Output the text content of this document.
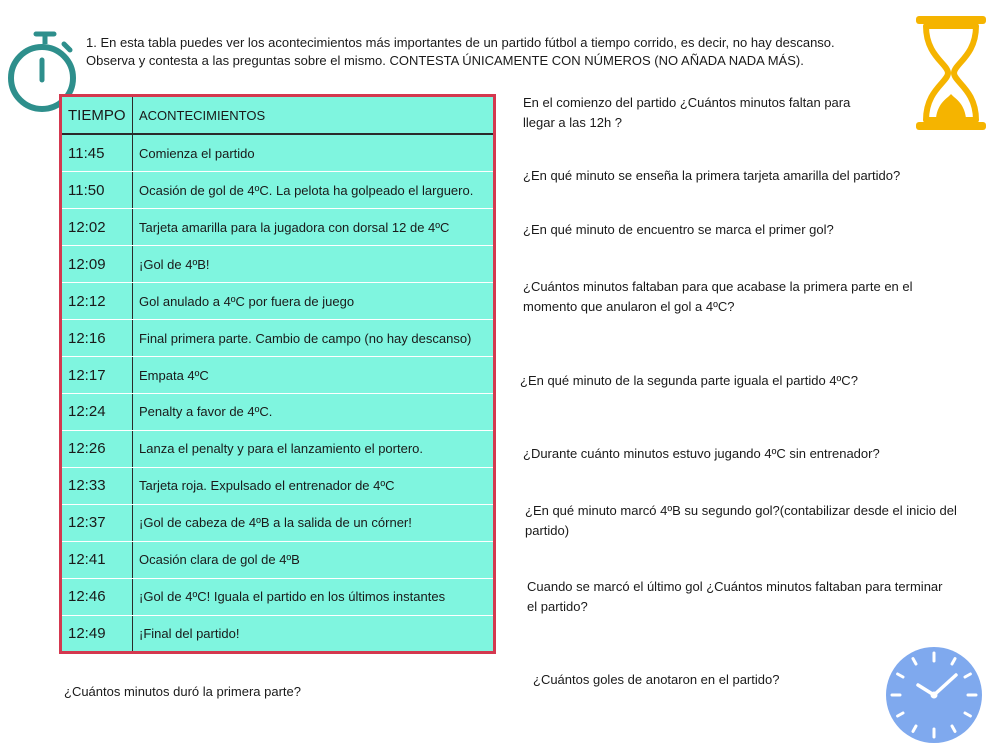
1. En esta tabla puedes ver los acontecimientos más importantes de un partido fútbol a tiempo corrido, es decir, no hay descanso. Observa y contesta a las preguntas sobre el mismo. CONTESTA ÚNICAMENTE CON NÚMEROS (NO AÑADA NADA MÁS).
TIEMPO	ACONTECIMIENTOS
11:45	Comienza el partido
11:50	Ocasión de gol de 4ºC. La pelota ha golpeado el larguero.
12:02	Tarjeta amarilla para la jugadora con dorsal 12 de 4ºC
12:09	¡Gol de 4ºB!
12:12	Gol anulado a 4ºC por fuera de juego
12:16	Final primera parte. Cambio de campo (no hay descanso)
12:17	Empata 4ºC
12:24	Penalty a favor de 4ºC.
12:26	Lanza el penalty y para el lanzamiento el portero.
12:33	Tarjeta roja. Expulsado el entrenador de 4ºC
12:37	¡Gol de cabeza de 4ºB a la salida de un córner!
12:41	Ocasión clara de gol de 4ºB
12:46	¡Gol de 4ºC! Iguala el partido en los últimos instantes
12:49	¡Final del partido!
En el comienzo del partido ¿Cuántos minutos faltan para llegar a las 12h ?
¿En qué minuto se enseña la primera tarjeta amarilla del partido?
¿En qué minuto de encuentro se marca el primer gol?
¿Cuántos minutos faltaban para que acabase la primera parte en el momento que anularon el gol a 4ºC?
¿En qué minuto de la segunda parte iguala el partido 4ºC?
¿Durante cuánto minutos estuvo jugando 4ºC sin entrenador?
¿En qué minuto marcó 4ºB su segundo gol?(contabilizar desde el inicio del partido)
Cuando se marcó el último gol ¿Cuántos minutos faltaban para terminar el partido?
¿Cuántos goles de anotaron en el partido?
¿Cuántos minutos duró la primera parte?
